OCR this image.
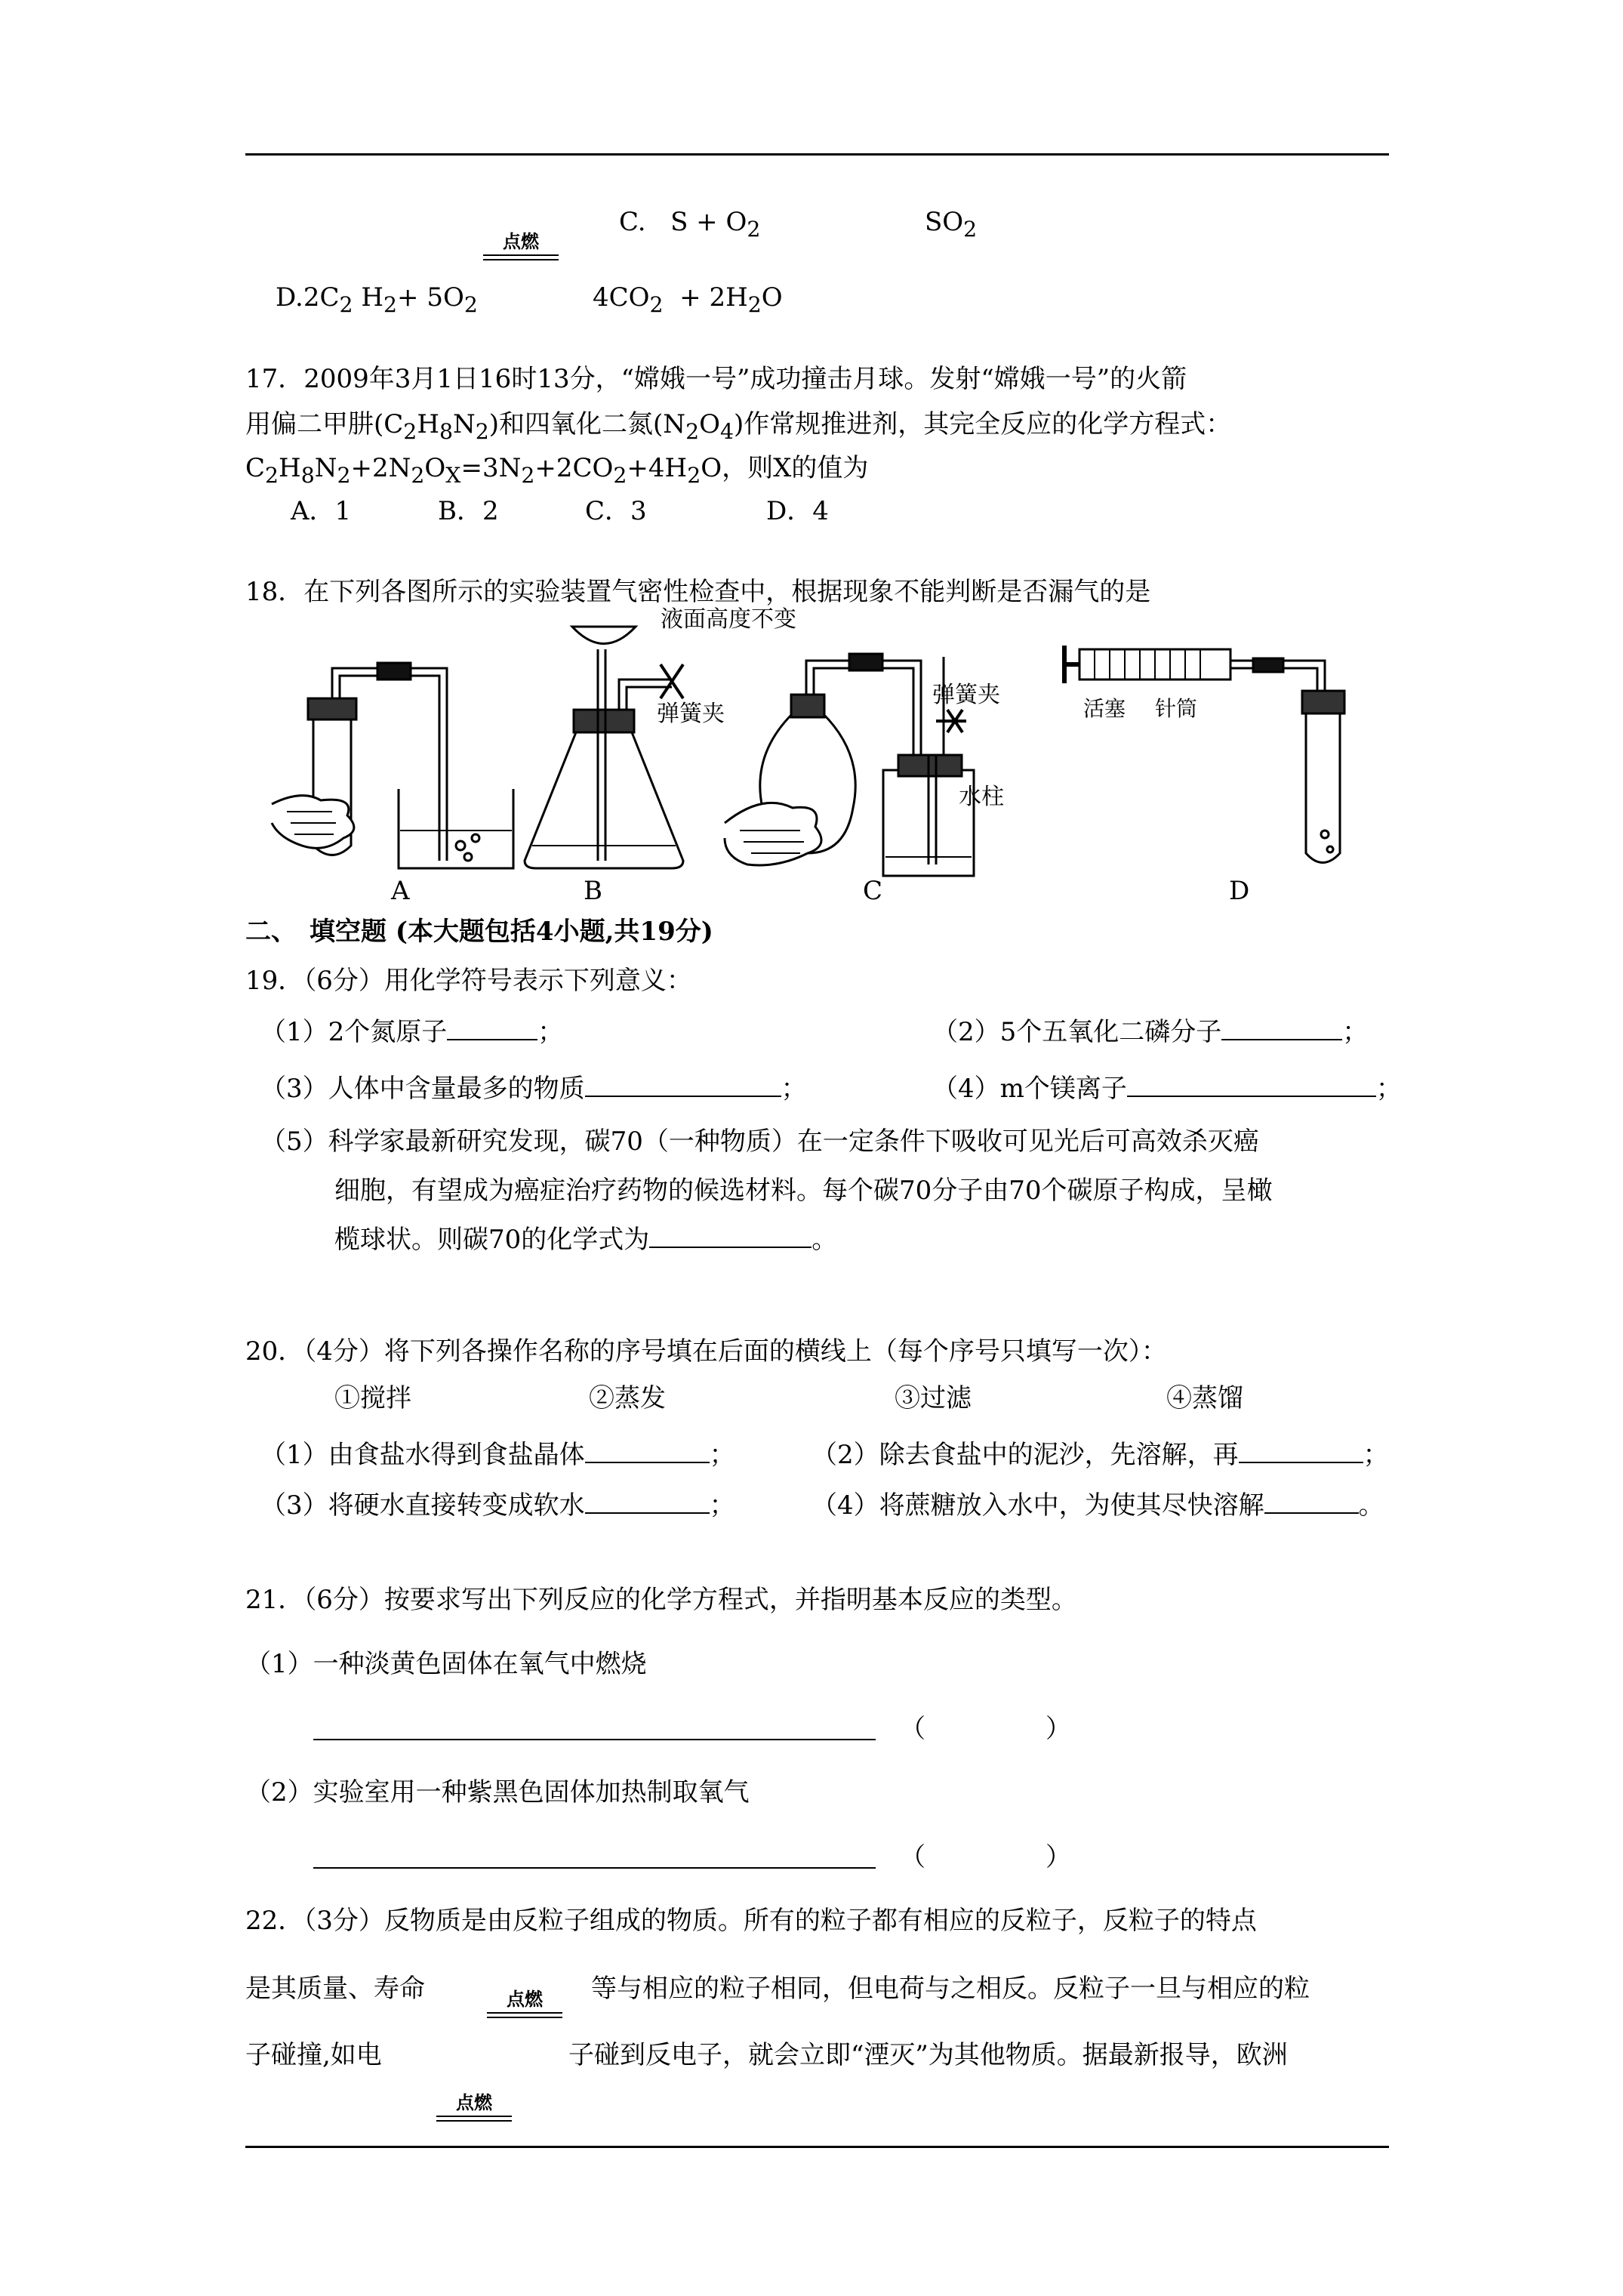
点燃
C. $S + O_2$	$SO_2$
$D.2C_2$ $H_2+ 5O_2$	$4CO_2 + 2H_2O$
17．2009年3月1日16时13分，“嫦娥一号”成功撞击月球。发射“嫦娥一号”的火箭
用偏二甲肼$(C_2H_8N_2)$和四氧化二氮$(N_2O_4)$作常规推进剂，其完全反应的化学方程式：
$C_2H_8N_2+2N_2O_X=3N_2+2CO_2+4H_2O$，则X的值为
A．1	B．2	C．3	D．4
18．在下列各图所示的实验装置气密性检查中，根据现象不能判断是否漏气的是
液面高度不变
弹簧夹
弹簧夹
水柱
活塞 针筒
A	B	C	D
二、　填空题 (本大题包括4小题,共19分)
19．（6分）用化学符号表示下列意义：
（1）2个氮原子	；	（2）5个五氧化二磷分子	；
（3）人体中含量最多的物质	；	（4）m个镁离子	；
（5）科学家最新研究发现，碳70（一种物质）在一定条件下吸收可见光后可高效杀灭癌
细胞，有望成为癌症治疗药物的候选材料。每个碳70分子由70个碳原子构成，呈橄
榄球状。则碳70的化学式为	。
20．（4分）将下列各操作名称的序号填在后面的横线上（每个序号只填写一次）：
①搅拌	②蒸发	③过滤	④蒸馏
（1）由食盐水得到食盐晶体	；	（2）除去食盐中的泥沙，先溶解，再	；
（3）将硬水直接转变成软水	；	（4）将蔗糖放入水中，为使其尽快溶解	。
21．（6分）按要求写出下列反应的化学方程式，并指明基本反应的类型。
（1）一种淡黄色固体在氧气中燃烧
（	）
（2）实验室用一种紫黑色固体加热制取氧气
（	）
22．（3分）反物质是由反粒子组成的物质。所有的粒子都有相应的反粒子，反粒子的特点
是其质量、寿命	点燃	等与相应的粒子相同，但电荷与之相反。反粒子一旦与相应的粒
子碰撞,如电	子碰到反电子，就会立即“湮灭”为其他物质。据最新报导，欧洲
点燃
